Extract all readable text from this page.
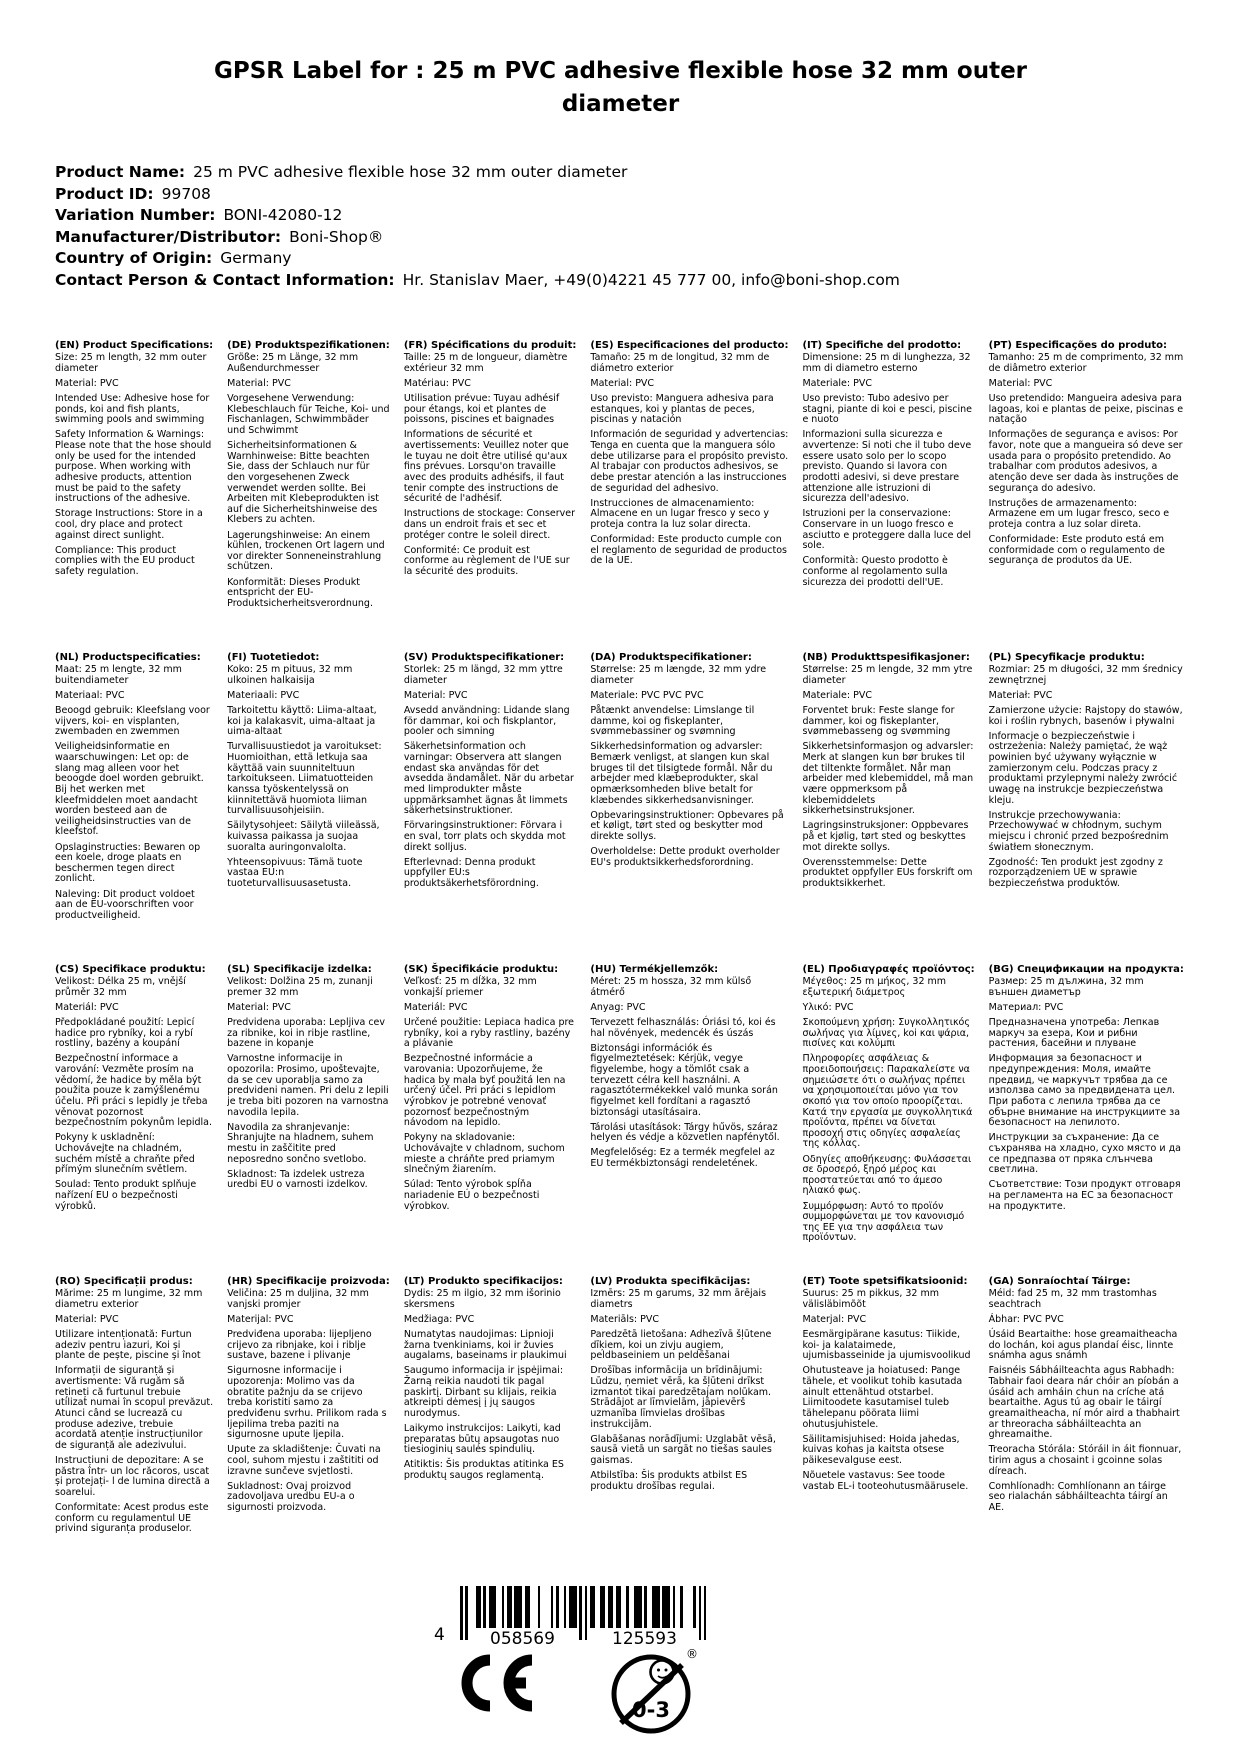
GPSR Label for : 25 m PVC adhesive flexible hose 32 mm outer diameter
Product Name: 25 m PVC adhesive flexible hose 32 mm outer diameter
Product ID: 99708
Variation Number: BONI-42080-12
Manufacturer/Distributor: Boni-Shop®
Country of Origin: Germany
Contact Person & Contact Information: Hr. Stanislav Maer, +49(0)4221 45 777 00, info@boni-shop.com
(EN) Product Specifications:

Size: 25 m length, 32 mm outer diameter

Material: PVC

Intended Use: Adhesive hose for ponds, koi and fish plants, swimming pools and swimming

Safety Information & Warnings: Please note that the hose should only be used for the intended purpose. When working with adhesive products, attention must be paid to the safety instructions of the adhesive.

Storage Instructions: Store in a cool, dry place and protect against direct sunlight.

Compliance: This product complies with the EU product safety regulation.

(DE) Produktspezifikationen:

Größe: 25 m Länge, 32 mm Außendurchmesser

Material: PVC

Vorgesehene Verwendung: Klebeschlauch für Teiche, Koi- und Fischanlagen, Schwimmbäder und Schwimmt

Sicherheitsinformationen & Warnhinweise: Bitte beachten Sie, dass der Schlauch nur für den vorgesehenen Zweck verwendet werden sollte. Bei Arbeiten mit Klebeprodukten ist auf die Sicherheitshinweise des Klebers zu achten.

Lagerungshinweise: An einem kühlen, trockenen Ort lagern und vor direkter Sonneneinstrahlung schützen.

Konformität: Dieses Produkt entspricht der EU-Produktsicherheitsverordnung.

(FR) Spécifications du produit:

Taille: 25 m de longueur, diamètre extérieur 32 mm

Matériau: PVC

Utilisation prévue: Tuyau adhésif pour étangs, koi et plantes de poissons, piscines et baignades

Informations de sécurité et avertissements: Veuillez noter que le tuyau ne doit être utilisé qu'aux fins prévues. Lorsqu'on travaille avec des produits adhésifs, il faut tenir compte des instructions de sécurité de l'adhésif.

Instructions de stockage: Conserver dans un endroit frais et sec et protéger contre le soleil direct.

Conformité: Ce produit est conforme au règlement de l'UE sur la sécurité des produits.

(ES) Especificaciones del producto:

Tamaño: 25 m de longitud, 32 mm de diámetro exterior

Material: PVC

Uso previsto: Manguera adhesiva para estanques, koi y plantas de peces, piscinas y natación

Información de seguridad y advertencias: Tenga en cuenta que la manguera sólo debe utilizarse para el propósito previsto. Al trabajar con productos adhesivos, se debe prestar atención a las instrucciones de seguridad del adhesivo.

Instrucciones de almacenamiento: Almacene en un lugar fresco y seco y proteja contra la luz solar directa.

Conformidad: Este producto cumple con el reglamento de seguridad de productos de la UE.

(IT) Specifiche del prodotto:

Dimensione: 25 m di lunghezza, 32 mm di diametro esterno

Materiale: PVC

Uso previsto: Tubo adesivo per stagni, piante di koi e pesci, piscine e nuoto

Informazioni sulla sicurezza e avvertenze: Si noti che il tubo deve essere usato solo per lo scopo previsto. Quando si lavora con prodotti adesivi, si deve prestare attenzione alle istruzioni di sicurezza dell'adesivo.

Istruzioni per la conservazione: Conservare in un luogo fresco e asciutto e proteggere dalla luce del sole.

Conformità: Questo prodotto è conforme al regolamento sulla sicurezza dei prodotti dell'UE.

(PT) Especificações do produto:

Tamanho: 25 m de comprimento, 32 mm de diâmetro exterior

Material: PVC

Uso pretendido: Mangueira adesiva para lagoas, koi e plantas de peixe, piscinas e natação

Informações de segurança e avisos: Por favor, note que a mangueira só deve ser usada para o propósito pretendido. Ao trabalhar com produtos adesivos, a atenção deve ser dada às instruções de segurança do adesivo.

Instruções de armazenamento: Armazene em um lugar fresco, seco e proteja contra a luz solar direta.

Conformidade: Este produto está em conformidade com o regulamento de segurança de produtos da UE.

(NL) Productspecificaties:

Maat: 25 m lengte, 32 mm buitendiameter

Materiaal: PVC

Beoogd gebruik: Kleefslang voor vijvers, koi- en visplanten, zwembaden en zwemmen

Veiligheidsinformatie en waarschuwingen: Let op: de slang mag alleen voor het beoogde doel worden gebruikt. Bij het werken met kleefmiddelen moet aandacht worden besteed aan de veiligheidsinstructies van de kleefstof.

Opslaginstructies: Bewaren op een koele, droge plaats en beschermen tegen direct zonlicht.

Naleving: Dit product voldoet aan de EU-voorschriften voor productveiligheid.

(FI) Tuotetiedot:

Koko: 25 m pituus, 32 mm ulkoinen halkaisija

Materiaali: PVC

Tarkoitettu käyttö: Liima-altaat, koi ja kalakasvit, uima-altaat ja uima-altaat

Turvallisuustiedot ja varoitukset: Huomioithan, että letkuja saa käyttää vain suunniteltuun tarkoitukseen. Liimatuotteiden kanssa työskentelyssä on kiinnitettävä huomiota liiman turvallisuusohjeisiin.

Säilytysohjeet: Säilytä viileässä, kuivassa paikassa ja suojaa suoralta auringonvalolta.

Yhteensopivuus: Tämä tuote vastaa EU:n tuoteturvallisuusasetusta.

(SV) Produktspecifikationer:

Storlek: 25 m längd, 32 mm yttre diameter

Material: PVC

Avsedd användning: Lidande slang för dammar, koi och fiskplantor, pooler och simning

Säkerhetsinformation och varningar: Observera att slangen endast ska användas för det avsedda ändamålet. När du arbetar med limprodukter måste uppmärksamhet ägnas åt limmets säkerhetsinstruktioner.

Förvaringsinstruktioner: Förvara i en sval, torr plats och skydda mot direkt solljus.

Efterlevnad: Denna produkt uppfyller EU:s produktsäkerhetsförordning.

(DA) Produktspecifikationer:

Størrelse: 25 m længde, 32 mm ydre diameter

Materiale: PVC PVC PVC

Påtænkt anvendelse: Limslange til damme, koi og fiskeplanter, svømmebassiner og svømning

Sikkerhedsinformation og advarsler: Bemærk venligst, at slangen kun skal bruges til det tilsigtede formål. Når du arbejder med klæbeprodukter, skal opmærksomheden blive betalt for klæbendes sikkerhedsanvisninger.

Opbevaringsinstruktioner: Opbevares på et køligt, tørt sted og beskytter mod direkte sollys.

Overholdelse: Dette produkt overholder EU's produktsikkerhedsforordning.

(NB) Produkttspesifikasjoner:

Størrelse: 25 m lengde, 32 mm ytre diameter

Materiale: PVC

Forventet bruk: Feste slange for dammer, koi og fiskeplanter, svømmebasseng og svømming

Sikkerhetsinformasjon og advarsler: Merk at slangen kun bør brukes til det tiltenkte formålet. Når man arbeider med klebemiddel, må man være oppmerksom på klebemiddelets sikkerhetsinstruksjoner.

Lagringsinstruksjoner: Oppbevares på et kjølig, tørt sted og beskyttes mot direkte sollys.

Overensstemmelse: Dette produktet oppfyller EUs forskrift om produktsikkerhet.

(PL) Specyfikacje produktu:

Rozmiar: 25 m długości, 32 mm średnicy zewnętrznej

Materiał: PVC

Zamierzone użycie: Rajstopy do stawów, koi i roślin rybnych, basenów i pływalni

Informacje o bezpieczeństwie i ostrzeżenia: Należy pamiętać, że wąż powinien być używany wyłącznie w zamierzonym celu. Podczas pracy z produktami przylepnymi należy zwrócić uwagę na instrukcje bezpieczeństwa kleju.

Instrukcje przechowywania: Przechowywać w chłodnym, suchym miejscu i chronić przed bezpośrednim światłem słonecznym.

Zgodność: Ten produkt jest zgodny z rozporządzeniem UE w sprawie bezpieczeństwa produktów.

(CS) Specifikace produktu:

Velikost: Délka 25 m, vnější průměr 32 mm

Materiál: PVC

Předpokládané použití: Lepicí hadice pro rybníky, koi a rybí rostliny, bazény a koupání

Bezpečnostní informace a varování: Vezměte prosím na vědomí, že hadice by měla být použita pouze k zamýšlenému účelu. Při práci s lepidly je třeba věnovat pozornost bezpečnostním pokynům lepidla.

Pokyny k uskladnění: Uchovávejte na chladném, suchém místě a chraňte před přímým slunečním světlem.

Soulad: Tento produkt splňuje nařízení EU o bezpečnosti výrobků.

(SL) Specifikacije izdelka:

Velikost: Dolžina 25 m, zunanji premer 32 mm

Material: PVC

Predvidena uporaba: Lepljiva cev za ribnike, koi in ribje rastline, bazene in kopanje

Varnostne informacije in opozorila: Prosimo, upoštevajte, da se cev uporablja samo za predvideni namen. Pri delu z lepili je treba biti pozoren na varnostna navodila lepila.

Navodila za shranjevanje: Shranjujte na hladnem, suhem mestu in zaščitite pred neposredno sončno svetlobo.

Skladnost: Ta izdelek ustreza uredbi EU o varnosti izdelkov.

(SK) Špecifikácie produktu:

Veľkosť: 25 m dĺžka, 32 mm vonkajší priemer

Materiál: PVC

Určené použitie: Lepiaca hadica pre rybníky, koi a ryby rastliny, bazény a plávanie

Bezpečnostné informácie a varovania: Upozorňujeme, že hadica by mala byť použitá len na určený účel. Pri práci s lepidlom výrobkov je potrebné venovať pozornosť bezpečnostným návodom na lepidlo.

Pokyny na skladovanie: Uchovávajte v chladnom, suchom mieste a chráňte pred priamym slnečným žiarením.

Súlad: Tento výrobok spĺňa nariadenie EÚ o bezpečnosti výrobkov.

(HU) Termékjellemzők:

Méret: 25 m hossza, 32 mm külső átmérő

Anyag: PVC

Tervezett felhasználás: Óriási tó, koi és hal növények, medencék és úszás

Biztonsági információk és figyelmeztetések: Kérjük, vegye figyelembe, hogy a tömlőt csak a tervezett célra kell használni. A ragasztótermékekkel való munka során figyelmet kell fordítani a ragasztó biztonsági utasításaira.

Tárolási utasítások: Tárgy hűvös, száraz helyen és védje a közvetlen napfénytől.

Megfelelőség: Ez a termék megfelel az EU termékbiztonsági rendeletének.

(EL) Προδιαγραφές προϊόντος:

Μέγεθος: 25 m μήκος, 32 mm εξωτερική διάμετρος

Υλικό: PVC

Σκοπούμενη χρήση: Συγκολλητικός σωλήνας για λίμνες, koi και ψάρια, πισίνες και κολύμπι

Πληροφορίες ασφάλειας & προειδοποιήσεις: Παρακαλείστε να σημειώσετε ότι ο σωλήνας πρέπει να χρησιμοποιείται μόνο για τον σκοπό για τον οποίο προορίζεται. Κατά την εργασία με συγκολλητικά προϊόντα, πρέπει να δίνεται προσοχή στις οδηγίες ασφαλείας της κόλλας.

Οδηγίες αποθήκευσης: Φυλάσσεται σε δροσερό, ξηρό μέρος και προστατεύεται από το άμεσο ηλιακό φως.

Συμμόρφωση: Αυτό το προϊόν συμμορφώνεται με τον κανονισμό της ΕΕ για την ασφάλεια των προϊόντων.

(BG) Спецификации на продукта:

Размер: 25 m дължина, 32 mm външен диаметър

Материал: PVC

Предназначена употреба: Лепкав маркуч за езера, Кои и рибни растения, басейни и плуване

Информация за безопасност и предупреждения: Моля, имайте предвид, че маркучът трябва да се използва само за предвидената цел. При работа с лепила трябва да се обърне внимание на инструкциите за безопасност на лепилото.

Инструкции за съхранение: Да се съхранява на хладно, сухо място и да се предпазва от пряка слънчева светлина.

Съответствие: Този продукт отговаря на регламента на ЕС за безопасност на продуктите.

(RO) Specificații produs:

Mărime: 25 m lungime, 32 mm diametru exterior

Material: PVC

Utilizare intenționată: Furtun adeziv pentru iazuri, Koi și plante de pește, piscine și înot

Informații de siguranță și avertismente: Vă rugăm să rețineți că furtunul trebuie utilizat numai în scopul prevăzut. Atunci când se lucrează cu produse adezive, trebuie acordată atenție instrucțiunilor de siguranță ale adezivului.

Instrucțiuni de depozitare: A se păstra într- un loc răcoros, uscat și protejați- l de lumina directă a soarelui.

Conformitate: Acest produs este conform cu regulamentul UE privind siguranța produselor.

(HR) Specifikacije proizvoda:

Veličina: 25 m duljina, 32 mm vanjski promjer

Materijal: PVC

Predviđena uporaba: lijepljeno crijevo za ribnjake, koi i riblje sustave, bazene i plivanje

Sigurnosne informacije i upozorenja: Molimo vas da obratite pažnju da se crijevo treba koristiti samo za predviđenu svrhu. Prilikom rada s ljepilima treba paziti na sigurnosne upute ljepila.

Upute za skladištenje: Čuvati na cool, suhom mjestu i zaštititi od izravne sunčeve svjetlosti.

Sukladnost: Ovaj proizvod zadovoljava uredbu EU-a o sigurnosti proizvoda.

(LT) Produkto specifikacijos:

Dydis: 25 m ilgio, 32 mm išorinio skersmens

Medžiaga: PVC

Numatytas naudojimas: Lipnioji žarna tvenkiniams, koi ir žuvies augalams, baseinams ir plaukimui

Saugumo informacija ir įspėjimai: Žarną reikia naudoti tik pagal paskirtį. Dirbant su klijais, reikia atkreipti dėmesį į jų saugos nurodymus.

Laikymo instrukcijos: Laikyti, kad preparatas būtų apsaugotas nuo tiesioginių saulės spindulių.

Atitiktis: Šis produktas atitinka ES produktų saugos reglamentą.

(LV) Produkta specifikācijas:

Izmērs: 25 m garums, 32 mm ārējais diametrs

Materiāls: PVC

Paredzētā lietošana: Adhezīvā šļūtene dīķiem, koi un zivju augiem, peldbaseiniem un peldēšanai

Drošības informācija un brīdinājumi: Lūdzu, ņemiet vērā, ka šļūteni drīkst izmantot tikai paredzētajam nolūkam. Strādājot ar līmvielām, jāpievērš uzmanība līmvielas drošības instrukcijām.

Glabāšanas norādījumi: Uzglabāt vēsā, sausā vietā un sargāt no tiešas saules gaismas.

Atbilstība: Šis produkts atbilst ES produktu drošības regulai.

(ET) Toote spetsifikatsioonid:

Suurus: 25 m pikkus, 32 mm välisläbimõõt

Materjal: PVC

Eesmärgipärane kasutus: Tiikide, koi- ja kalataimede, ujumisbasseinide ja ujumisvoolikud

Ohutusteave ja hoiatused: Pange tähele, et voolikut tohib kasutada ainult ettenähtud otstarbel. Liimitoodete kasutamisel tuleb tähelepanu pöörata liimi ohutusjuhistele.

Säilitamisjuhised: Hoida jahedas, kuivas kohas ja kaitsta otsese päikesevalguse eest.

Nõuetele vastavus: See toode vastab EL-i tooteohutusmäärusele.

(GA) Sonraíochtaí Táirge:

Méid: fad 25 m, 32 mm trastomhas seachtrach

Ábhar: PVC PVC

Úsáid Beartaithe: hose greamaitheacha do lochán, koi agus plandaí éisc, linnte snámha agus snámh

Faisnéis Sábháilteachta agus Rabhadh: Tabhair faoi deara nár chóir an píobán a úsáid ach amháin chun na críche atá beartaithe. Agus tú ag obair le táirgí greamaitheacha, ní mór aird a thabhairt ar threoracha sábháilteachta an ghreamaithe.

Treoracha Stórála: Stóráil in áit fionnuar, tirim agus a chosaint i gcoinne solas díreach.

Comhlíonadh: Comhlíonann an táirge seo rialachán sábháilteachta táirgí an AE.

4	058569	125593
0-3
®
